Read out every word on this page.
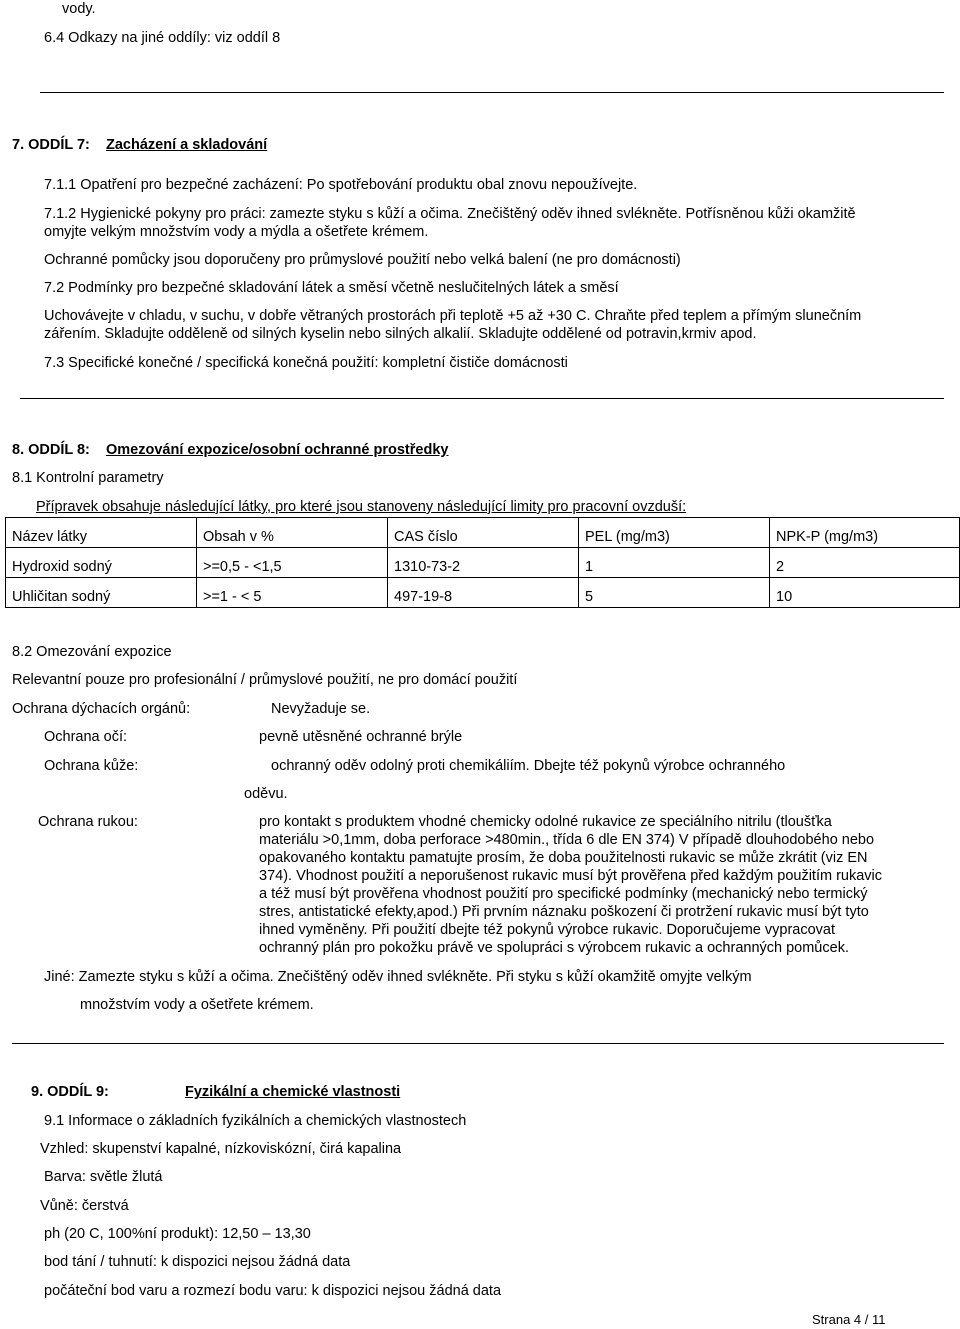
vody.
6.4 Odkazy na jiné oddíly: viz oddíl 8
7. ODDÍL 7: Zacházení a skladování
7.1.1 Opatření pro bezpečné zacházení: Po spotřebování produktu obal znovu nepoužívejte.
7.1.2 Hygienické pokyny pro práci: zamezte styku s kůží a očima. Znečištěný oděv ihned svlékněte. Potřísněnou kůži okamžitě
omyjte velkým množstvím vody a mýdla a ošetřete krémem.
Ochranné pomůcky jsou doporučeny pro průmyslové použití nebo velká balení (ne pro domácnosti)
7.2 Podmínky pro bezpečné skladování látek a směsí včetně neslučitelných látek a směsí
Uchovávejte v chladu, v suchu, v dobře větraných prostorách při teplotě +5 až +30 C. Chraňte před teplem a přímým slunečním
zářením. Skladujte odděleně od silných kyselin nebo silných alkalií. Skladujte oddělené od potravin,krmiv apod.
7.3 Specifické konečné / specifická konečná použití: kompletní čističe domácnosti
8. ODDÍL 8: Omezování expozice/osobní ochranné prostředky
8.1 Kontrolní parametry
Přípravek obsahuje následující látky, pro které jsou stanoveny následující limity pro pracovní ovzduší:
Název látky	Obsah v %	CAS číslo	PEL (mg/m3)	NPK-P (mg/m3)
Hydroxid sodný	>=0,5 - <1,5	1310-73-2	1	2
Uhličitan sodný	>=1 - < 5	497-19-8	5	10
8.2 Omezování expozice
Relevantní pouze pro profesionální / průmyslové použití, ne pro domácí použití
Ochrana dýchacích orgánů:	Nevyžaduje se.
Ochrana očí:	pevně utěsněné ochranné brýle
Ochrana kůže:	ochranný oděv odolný proti chemikáliím. Dbejte též pokynů výrobce ochranného
oděvu.
Ochrana rukou:	pro kontakt s produktem vhodné chemicky odolné rukavice ze speciálního nitrilu (tloušťka
materiálu >0,1mm, doba perforace >480min., třída 6 dle EN 374) V případě dlouhodobého nebo
opakovaného kontaktu pamatujte prosím, že doba použitelnosti rukavic se může zkrátit (viz EN
374). Vhodnost použití a neporušenost rukavic musí být prověřena před každým použitím rukavic
a též musí být prověřena vhodnost použití pro specifické podmínky (mechanický nebo termický
stres, antistatické efekty,apod.) Při prvním náznaku poškození či protržení rukavic musí být tyto
ihned vyměněny. Při použití dbejte též pokynů výrobce rukavic. Doporučujeme vypracovat
ochranný plán pro pokožku právě ve spolupráci s výrobcem rukavic a ochranných pomůcek.
Jiné: Zamezte styku s kůží a očima. Znečištěný oděv ihned svlékněte. Při styku s kůží okamžitě omyjte velkým
množstvím vody a ošetřete krémem.
9. ODDÍL 9:	Fyzikální a chemické vlastnosti
9.1 Informace o základních fyzikálních a chemických vlastnostech
Vzhled: skupenství kapalné, nízkoviskózní, čirá kapalina
Barva: světle žlutá
Vůně: čerstvá
ph (20 C, 100%ní produkt): 12,50 – 13,30
bod tání / tuhnutí: k dispozici nejsou žádná data
počáteční bod varu a rozmezí bodu varu: k dispozici nejsou žádná data
Strana 4 / 11
